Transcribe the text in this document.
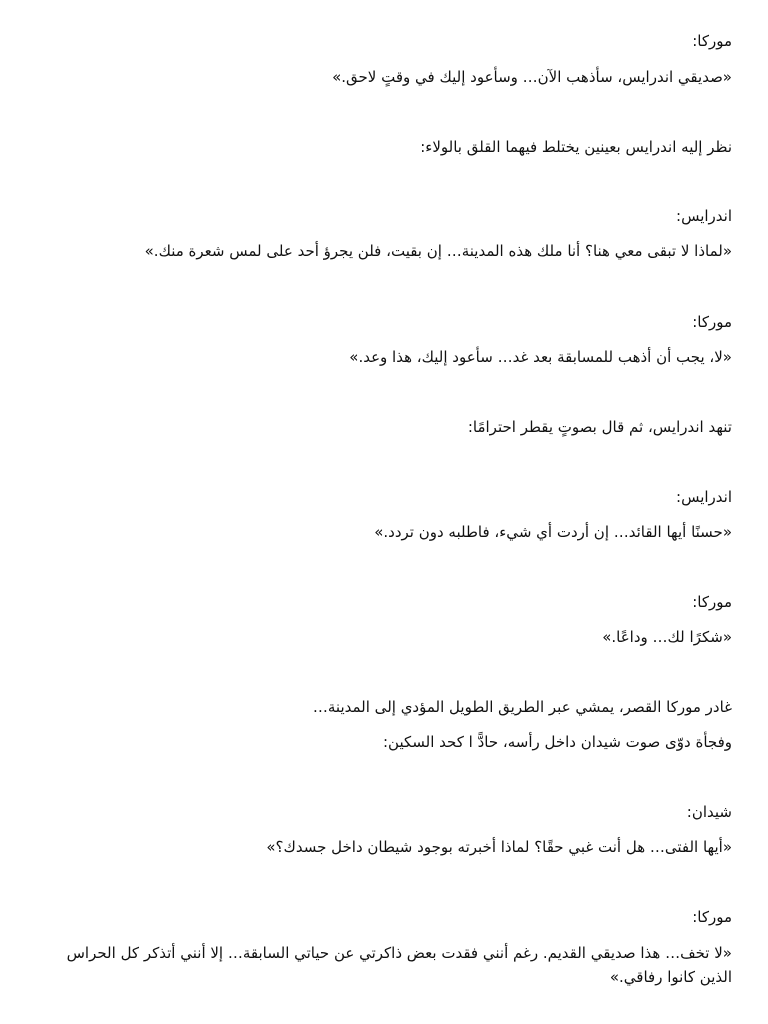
موركا:

«صديقي اندرايس، سأذهب الآن… وسأعود إليك في وقتٍ لاحق.»

نظر إليه اندرايس بعينين يختلط فيهما القلق بالولاء:

اندرايس:

«لماذا لا تبقى معي هنا؟ أنا ملك هذه المدينة… إن بقيت، فلن يجرؤ أحد على لمس شعرة منك.»

موركا:

«لا، يجب أن أذهب للمسابقة بعد غد… سأعود إليك، هذا وعد.»

تنهد اندرايس، ثم قال بصوتٍ يقطر احترامًا:

اندرايس:

«حسنًا أيها القائد… إن أردت أي شيء، فاطلبه دون تردد.»

موركا:

«شكرًا لك… وداعًا.»

غادر موركا القصر، يمشي عبر الطريق الطويل المؤدي إلى المدينة…

وفجأة دوّى صوت شيدان داخل رأسه، حادًّ ا كحد السكين:

شيدان:

«أيها الفتى… هل أنت غبي حقًا؟ لماذا أخبرته بوجود شيطان داخل جسدك؟»

موركا:

«لا تخف… هذا صديقي القديم. رغم أنني فقدت بعض ذاكرتي عن حياتي السابقة… إلا أنني أتذكر كل الحراس الذين كانوا رفاقي.»
